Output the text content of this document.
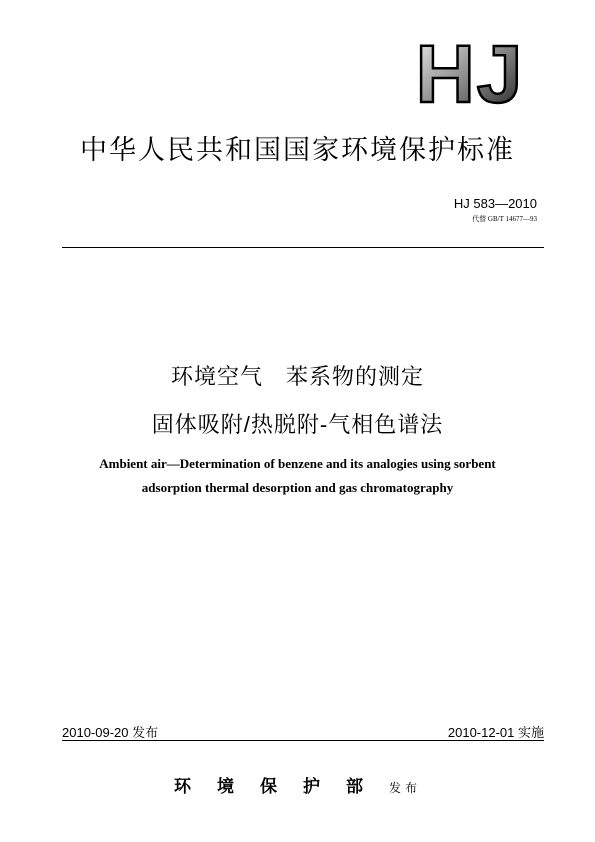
HJ
中华人民共和国国家环境保护标准
HJ 583—2010
代替 GB/T 14677—93
环境空气　苯系物的测定
固体吸附/热脱附-气相色谱法
Ambient air—Determination of benzene and its analogies using sorbent
adsorption thermal desorption and gas chromatography
2010-09-20 发布	2010-12-01 实施
环境保护部发布
